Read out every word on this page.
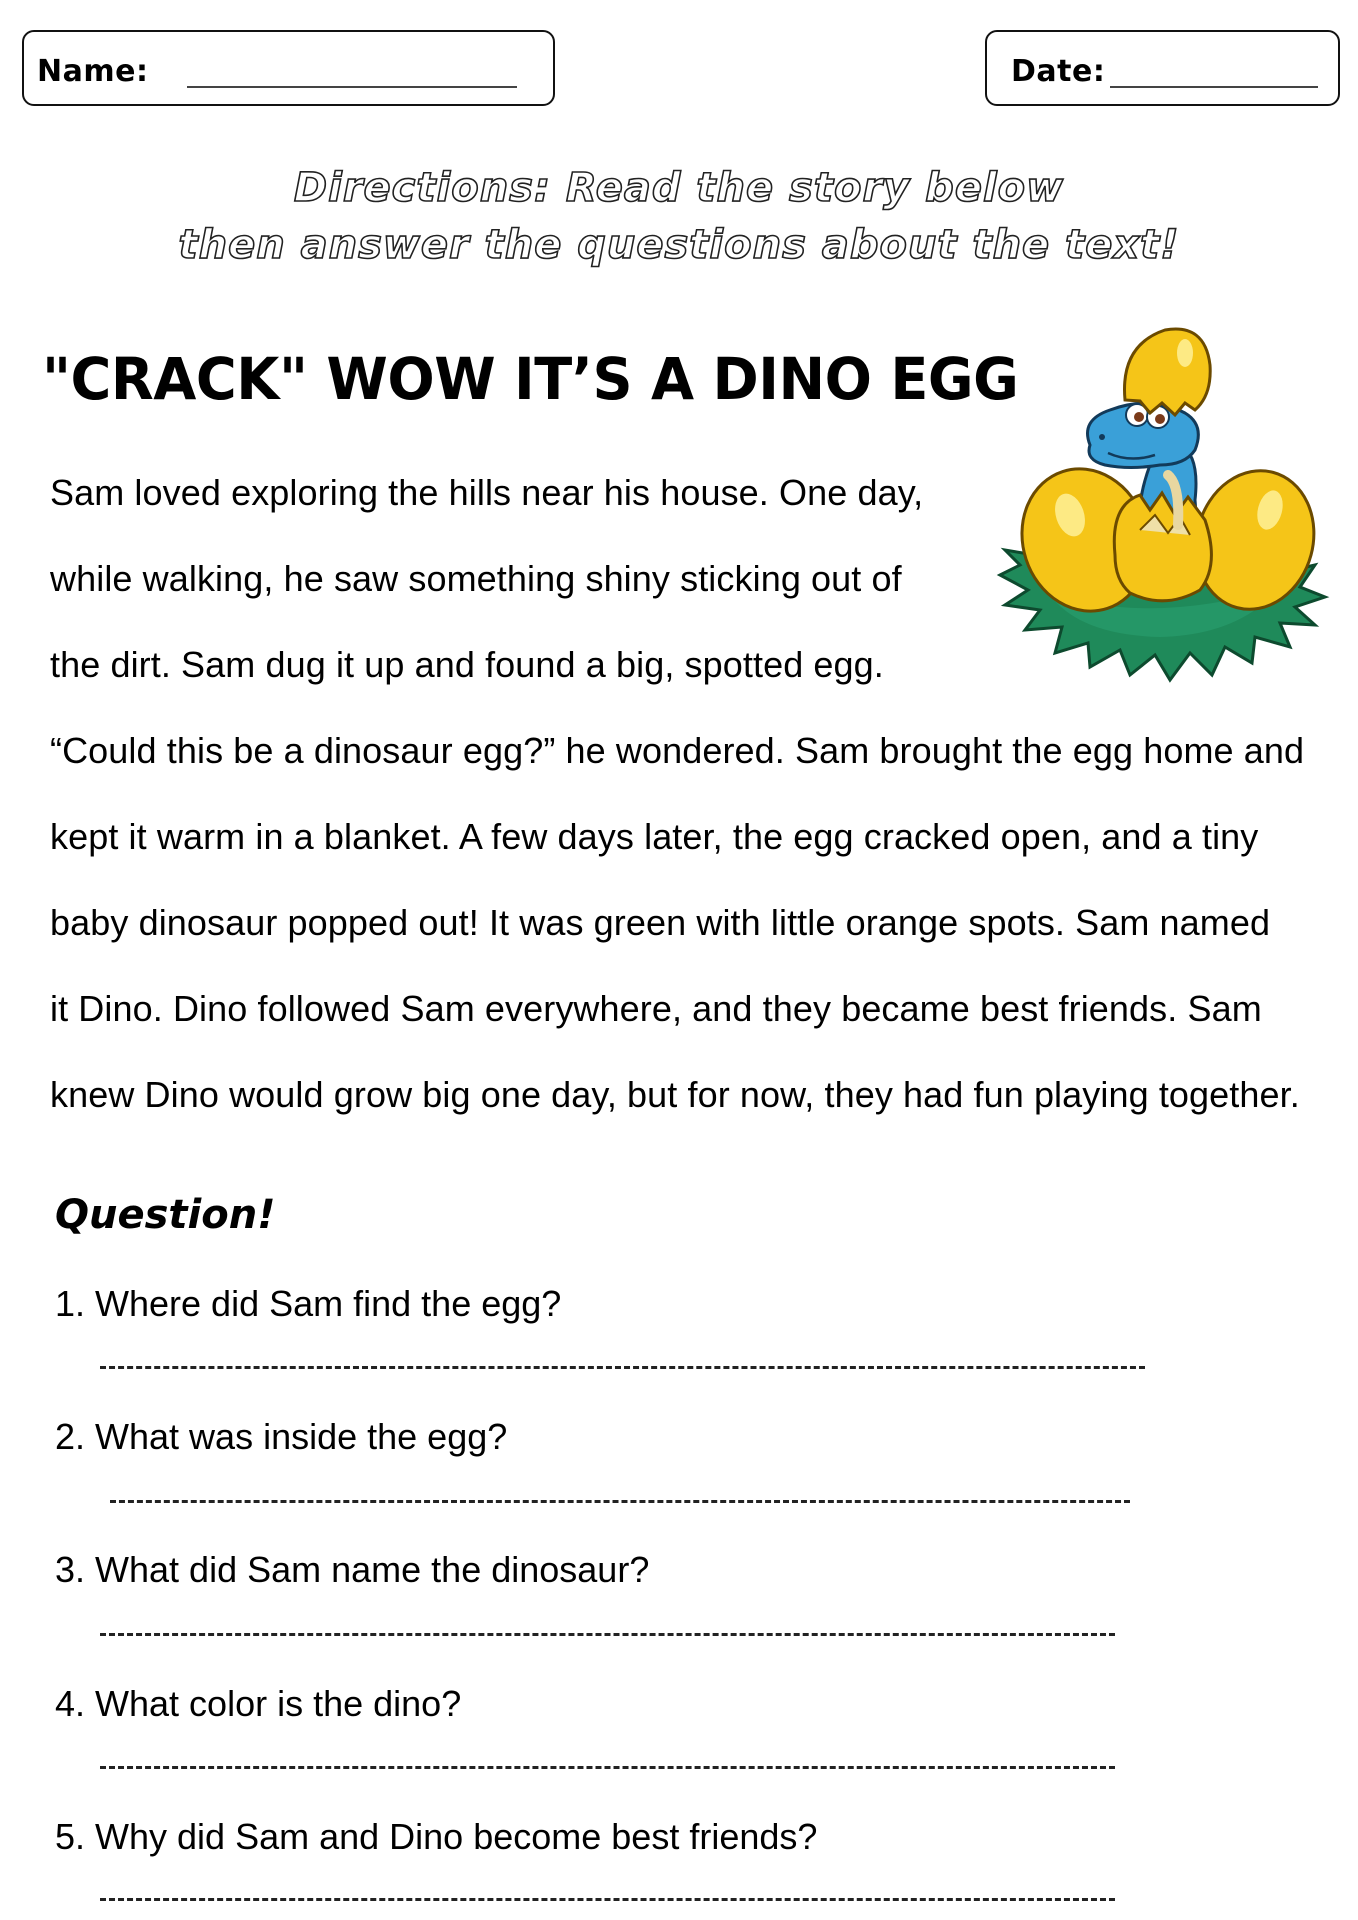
Name:	Date:
Directions: Read the story below
then answer the questions about the text!
"CRACK" WOW IT’S A DINO EGG
Sam loved exploring the hills near his house. One day,
while walking, he saw something shiny sticking out of
the dirt. Sam dug it up and found a big, spotted egg.
“Could this be a dinosaur egg?” he wondered. Sam brought the egg home and
kept it warm in a blanket. A few days later, the egg cracked open, and a tiny
baby dinosaur popped out! It was green with little orange spots. Sam named
it Dino. Dino followed Sam everywhere, and they became best friends. Sam
knew Dino would grow big one day, but for now, they had fun playing together.
Question!
1. Where did Sam find the egg?
2. What was inside the egg?
3. What did Sam name the dinosaur?
4. What color is the dino?
5. Why did Sam and Dino become best friends?
